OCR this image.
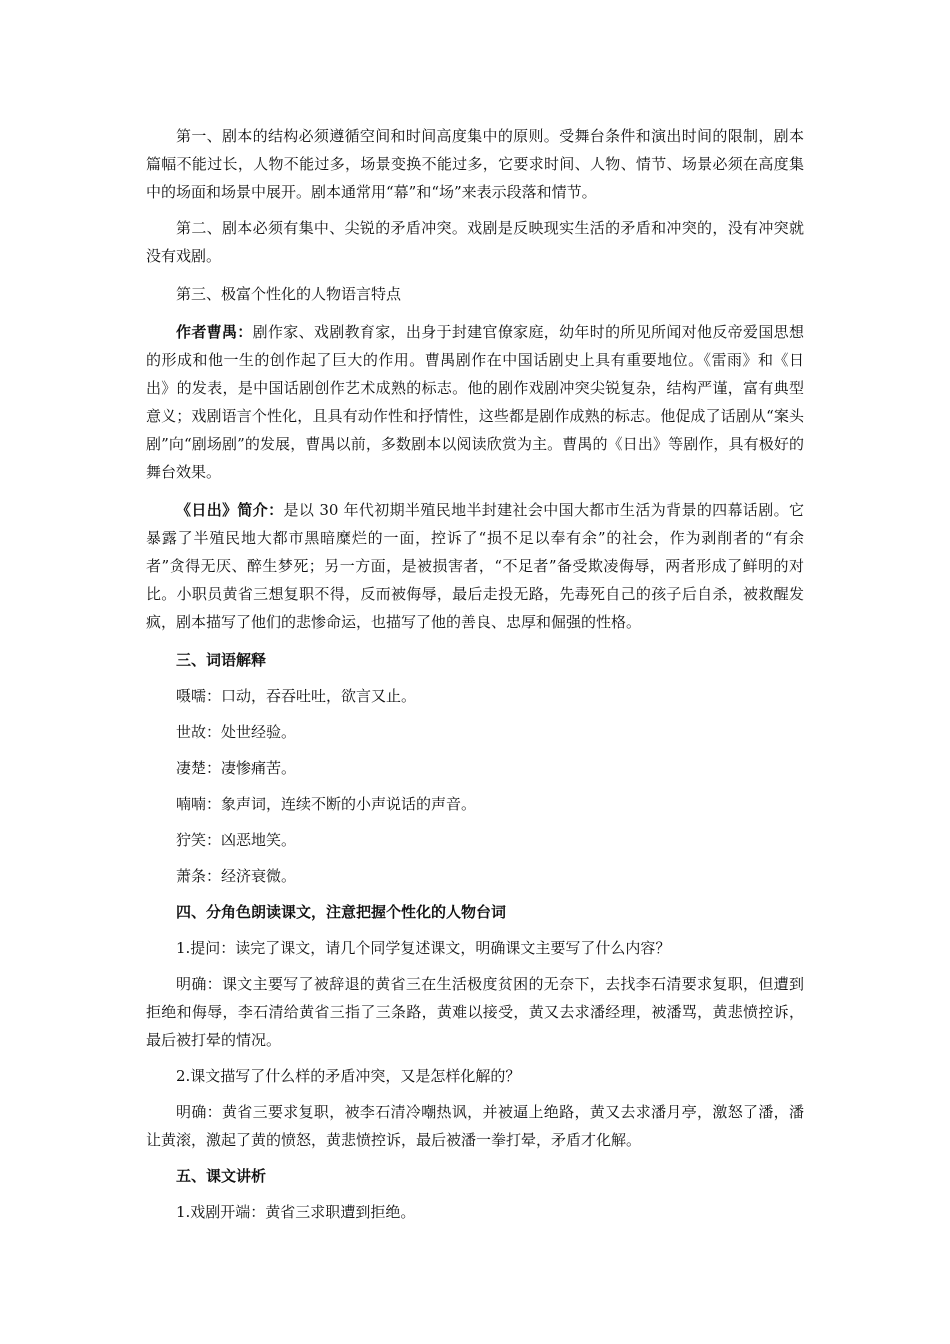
第一、剧本的结构必须遵循空间和时间高度集中的原则。受舞台条件和演出时间的限制，剧本篇幅不能过长，人物不能过多，场景变换不能过多，它要求时间、人物、情节、场景必须在高度集中的场面和场景中展开。剧本通常用“幕”和“场”来表示段落和情节。

第二、剧本必须有集中、尖锐的矛盾冲突。戏剧是反映现实生活的矛盾和冲突的，没有冲突就没有戏剧。

第三、极富个性化的人物语言特点

作者曹禺：剧作家、戏剧教育家，出身于封建官僚家庭，幼年时的所见所闻对他反帝爱国思想的形成和他一生的创作起了巨大的作用。曹禺剧作在中国话剧史上具有重要地位。《雷雨》和《日出》的发表，是中国话剧创作艺术成熟的标志。他的剧作戏剧冲突尖锐复杂，结构严谨，富有典型意义；戏剧语言个性化，且具有动作性和抒情性，这些都是剧作成熟的标志。他促成了话剧从“案头剧”向“剧场剧”的发展，曹禺以前，多数剧本以阅读欣赏为主。曹禺的《日出》等剧作，具有极好的舞台效果。

《日出》简介：是以 30 年代初期半殖民地半封建社会中国大都市生活为背景的四幕话剧。它暴露了半殖民地大都市黑暗糜烂的一面，控诉了“损不足以奉有余”的社会，作为剥削者的“有余者”贪得无厌、醉生梦死；另一方面，是被损害者，“不足者”备受欺凌侮辱，两者形成了鲜明的对比。小职员黄省三想复职不得，反而被侮辱，最后走投无路，先毒死自己的孩子后自杀，被救醒发疯，剧本描写了他们的悲惨命运，也描写了他的善良、忠厚和倔强的性格。

三、词语解释

嗫嚅：口动，吞吞吐吐，欲言又止。

世故：处世经验。

凄楚：凄惨痛苦。

喃喃：象声词，连续不断的小声说话的声音。

狞笑：凶恶地笑。

萧条：经济衰微。

四、分角色朗读课文，注意把握个性化的人物台词

1.提问：读完了课文，请几个同学复述课文，明确课文主要写了什么内容？

明确：课文主要写了被辞退的黄省三在生活极度贫困的无奈下，去找李石清要求复职，但遭到拒绝和侮辱，李石清给黄省三指了三条路，黄难以接受，黄又去求潘经理，被潘骂，黄悲愤控诉，最后被打晕的情况。

2.课文描写了什么样的矛盾冲突，又是怎样化解的？

明确：黄省三要求复职，被李石清冷嘲热讽，并被逼上绝路，黄又去求潘月亭，激怒了潘，潘让黄滚，激起了黄的愤怒，黄悲愤控诉，最后被潘一拳打晕，矛盾才化解。

五、课文讲析

1.戏剧开端：黄省三求职遭到拒绝。
